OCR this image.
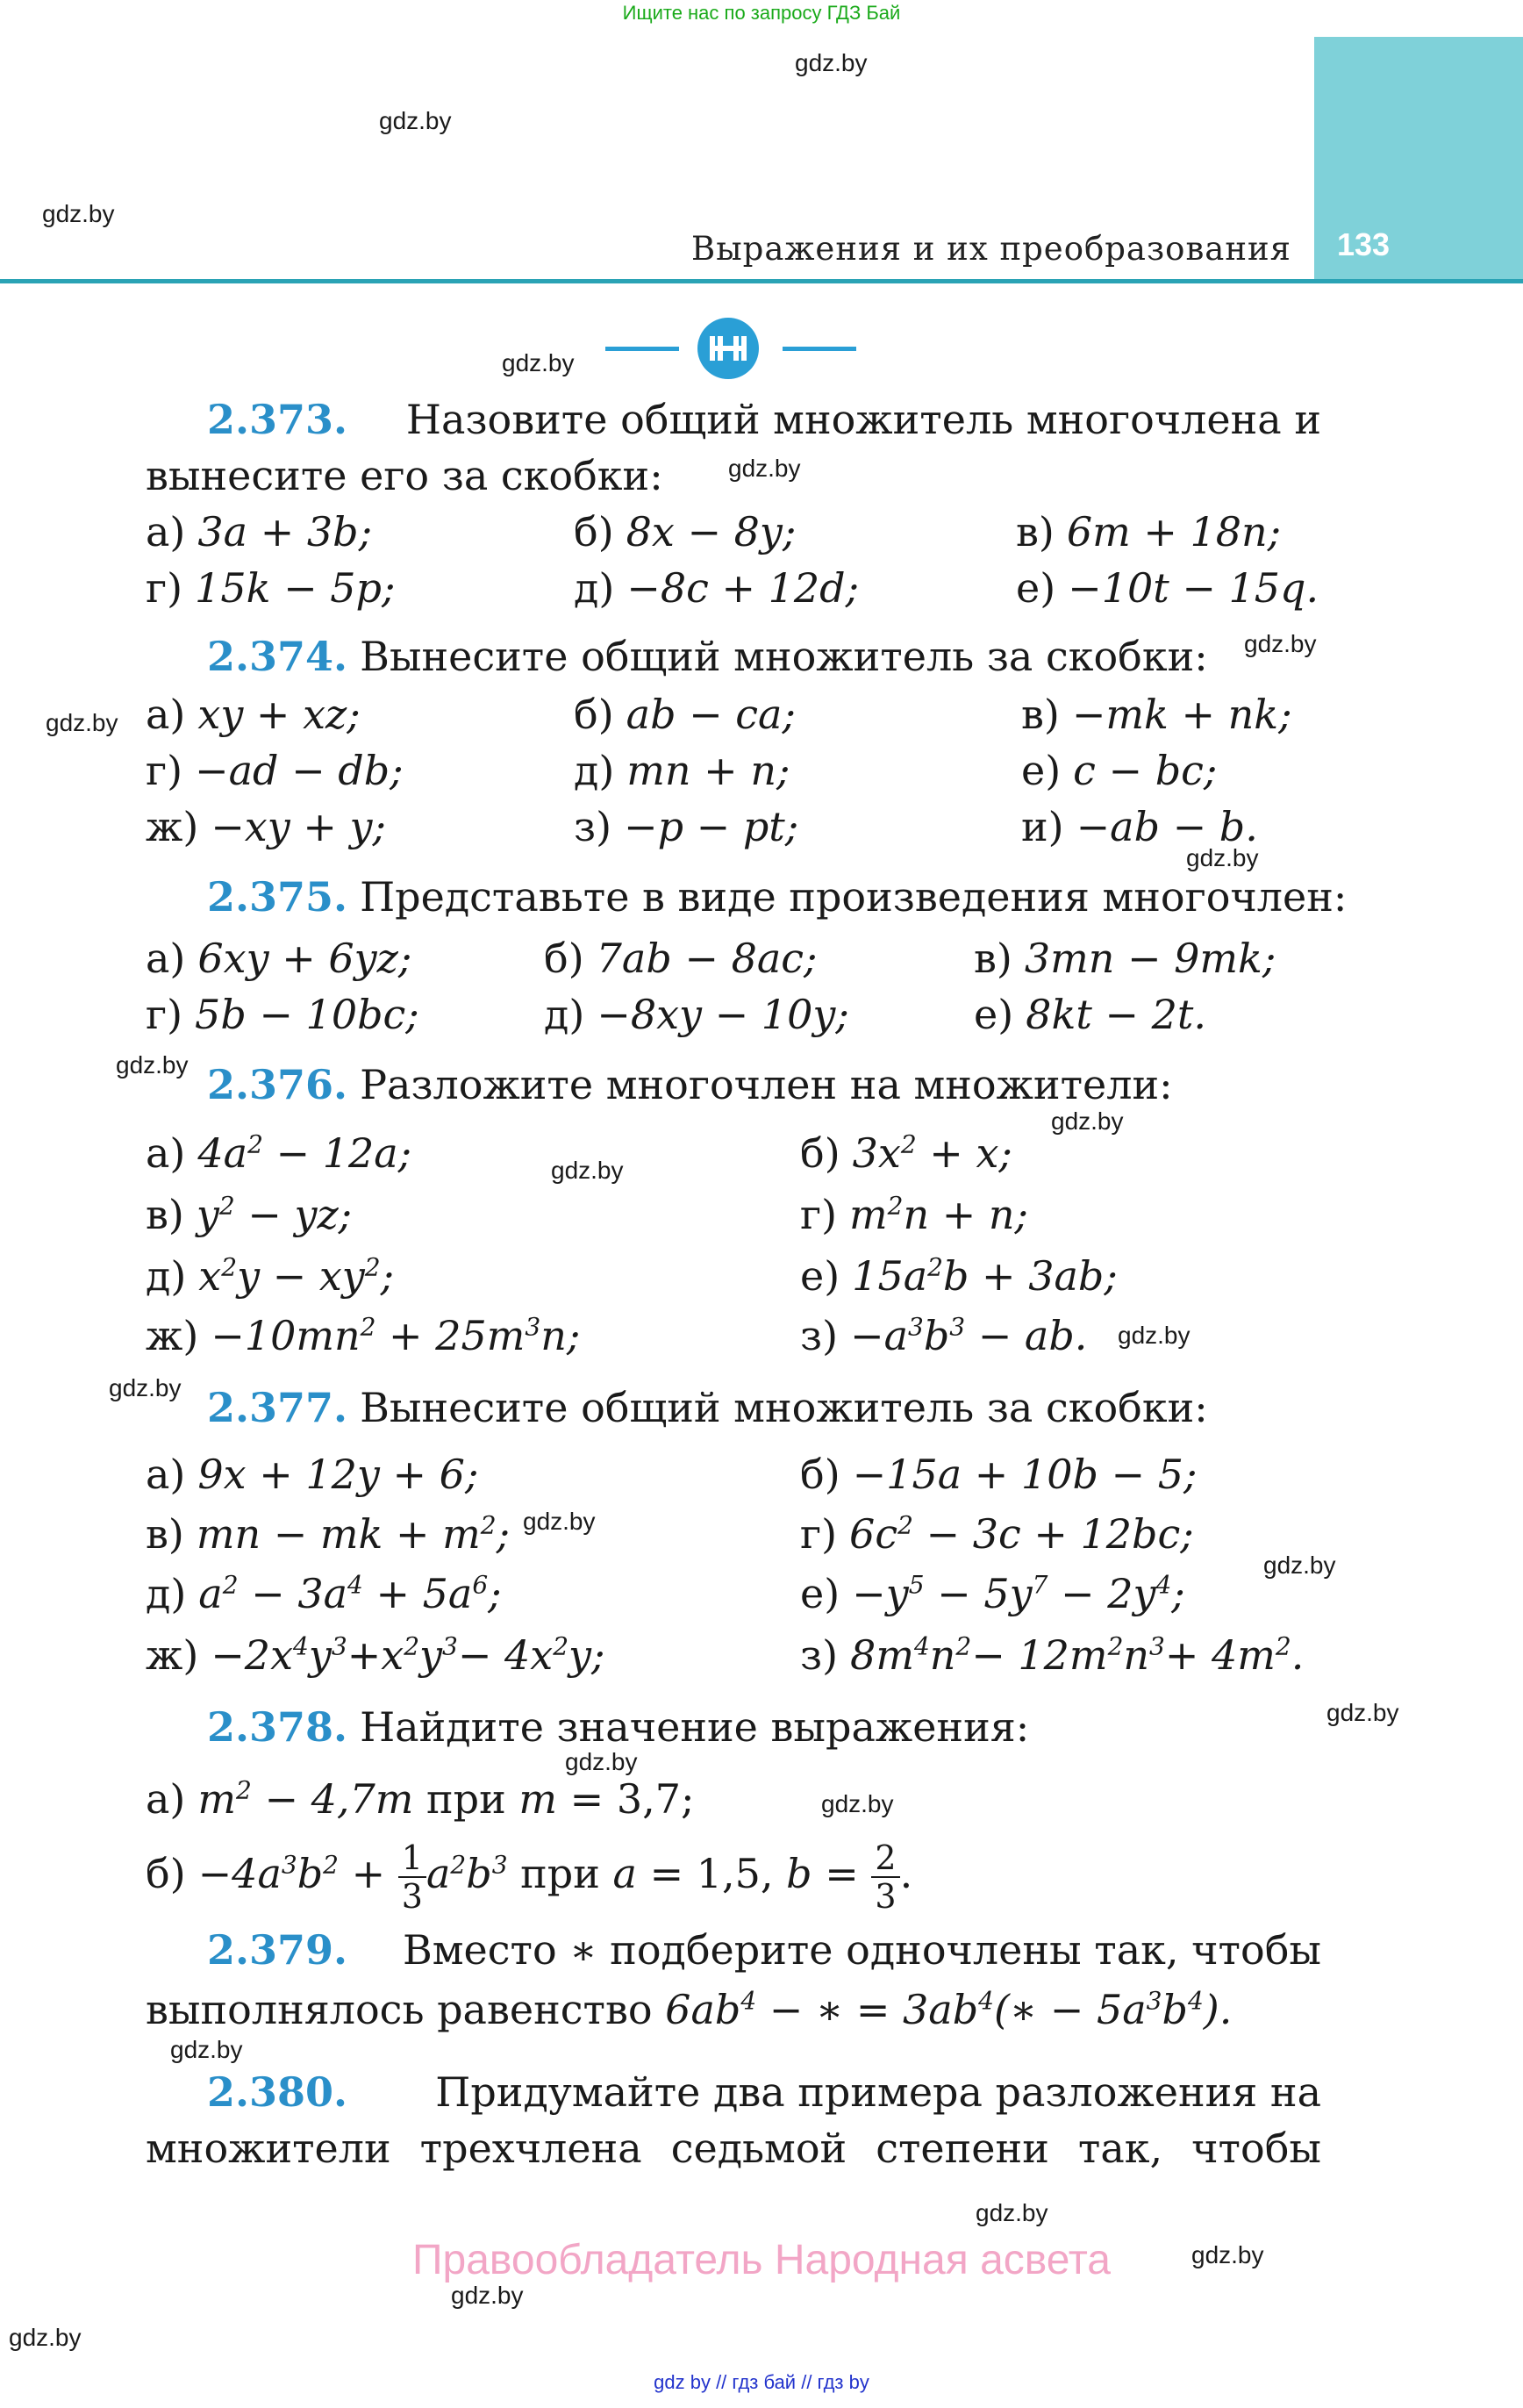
Ищите нас по запросу ГДЗ Бай
gdz.by
gdz.by
gdz.by
gdz.by
gdz.by
gdz.by
gdz.by
gdz.by
gdz.by
gdz.by
gdz.by
gdz.by
gdz.by
gdz.by
gdz.by
gdz.by
gdz.by
gdz.by
gdz.by
gdz.by
gdz.by
gdz.by
gdz.by
133
Выражения и их преобразования
2.373. Назовите общий множитель многочлена и
вынесите его за скобки:
а) 3a + 3b;	б) 8x − 8y;	в) 6m + 18n;
г) 15k − 5p;	д) −8c + 12d;	е) −10t − 15q.
2.374. Вынесите общий множитель за скобки:
а) xy + xz;	б) ab − ca;	в) −mk + nk;
г) −ad − db;	д) mn + n;	е) c − bc;
ж) −xy + y;	з) −p − pt;	и) −ab − b.
2.375. Представьте в виде произведения многочлен:
а) 6xy + 6yz;	б) 7ab − 8ac;	в) 3mn − 9mk;
г) 5b − 10bc;	д) −8xy − 10y;	е) 8kt − 2t.
2.376. Разложите многочлен на множители:
а) $4a^2 - 12a$;	б) $3x^2 + x$;
в) $y^2$ − yz;	г) $m^2n + n$;
д) $x^2y - xy^2$;	е) $15a^2b + 3ab$;
$ж) -10mn^2 + 25m^3n$;	$з) -a^3b^3$ − ab.
2.377. Вынесите общий множитель за скобки:
а) 9x + 12y + 6;	б) −15a + 10b − 5;
в) mn − mk + $m^2$;	г) $6c^2 - 3c + 12bc$;
д) $a^2 - 3a^4 + 5a^6$;	$е) -y^5 - 5y^7 - 2y^4$;
$ж) -2x^4y^3+x^2y^3- 4x^2y$;	з) $8m^4n^2- 12m^2n^3+ 4m^2$.
2.378. Найдите значение выражения:
а) $m^2 - 4,7m$ при m = 3,7;
$б) -4a^3b^2 + \frac{1}{3} a^2b^3$ при a = 1,5, $b = \frac{2}{3}$ .
2.379. Вместо ∗ подберите одночлены так, чтобы
выполнялось равенство $6ab^4$ − ∗ = $3ab^4(∗ - 5a^3b^4)$.
2.380. Придумайте два примера разложения на
множители трехчлена седьмой степени так, чтобы
Правообладатель Народная асвета
gdz by // гдз бай // гдз by
